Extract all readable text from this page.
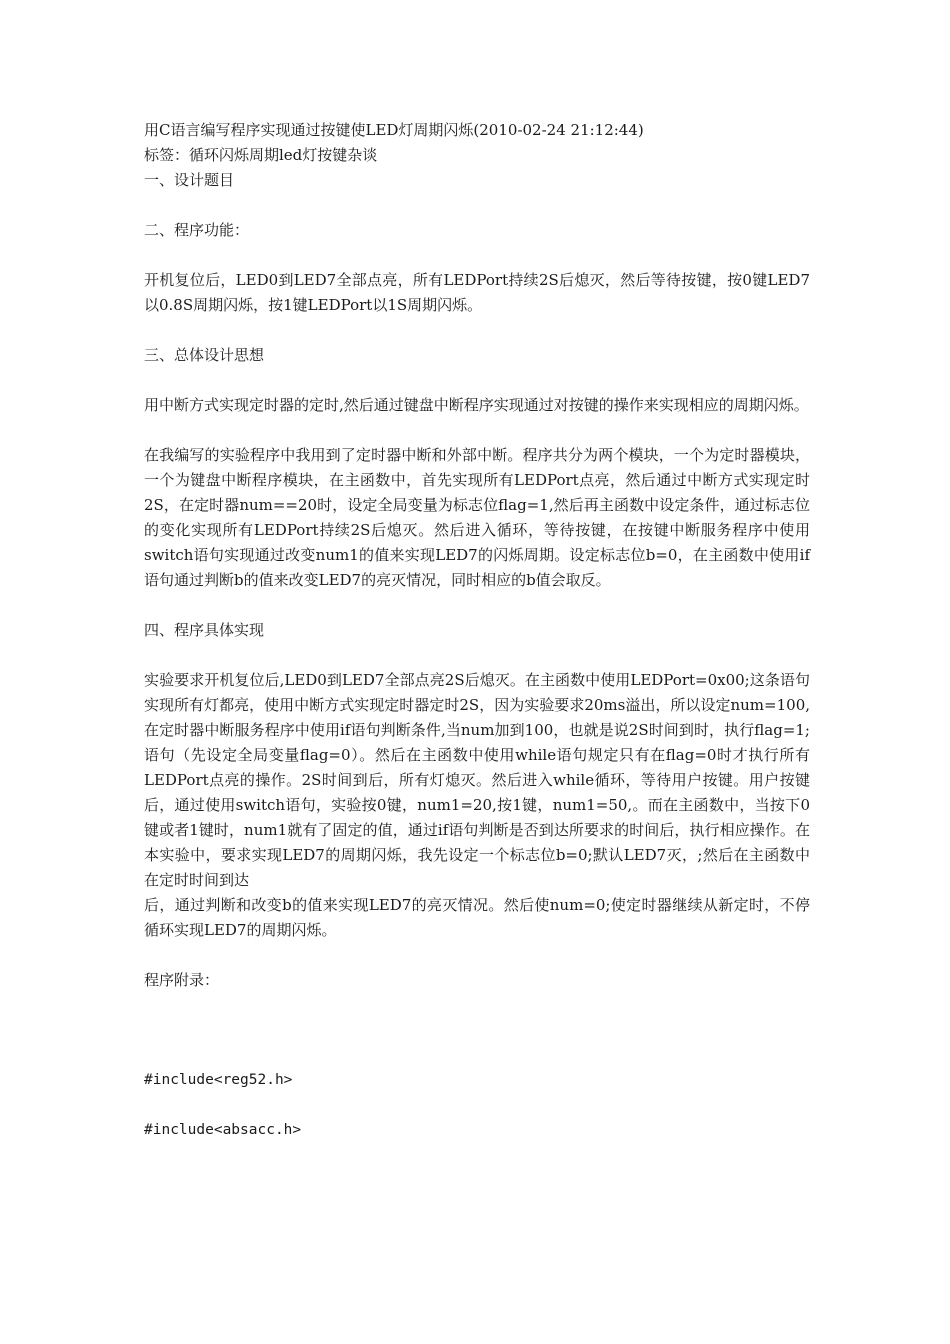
用C语言编写程序实现通过按键使LED灯周期闪烁(2010-02-24 21:12:44)

标签：循环闪烁周期led灯按键杂谈

一、设计题目

二、程序功能：

开机复位后，LED0到LED7全部点亮，所有LEDPort持续2S后熄灭，然后等待按键，按0键LED7以0.8S周期闪烁，按1键LEDPort以1S周期闪烁。

三、总体设计思想

用中断方式实现定时器的定时,然后通过键盘中断程序实现通过对按键的操作来实现相应的周期闪烁。

在我编写的实验程序中我用到了定时器中断和外部中断。程序共分为两个模块，一个为定时器模块，一个为键盘中断程序模块，在主函数中，首先实现所有LEDPort点亮，然后通过中断方式实现定时2S，在定时器num==20时，设定全局变量为标志位flag=1,然后再主函数中设定条件，通过标志位的变化实现所有LEDPort持续2S后熄灭。然后进入循环，等待按键，在按键中断服务程序中使用switch语句实现通过改变num1的值来实现LED7的闪烁周期。设定标志位b=0，在主函数中使用if语句通过判断b的值来改变LED7的亮灭情况，同时相应的b值会取反。

四、程序具体实现

实验要求开机复位后,LED0到LED7全部点亮2S后熄灭。在主函数中使用LEDPort=0x00;这条语句实现所有灯都亮，使用中断方式实现定时器定时2S，因为实验要求20ms溢出，所以设定num=100,在定时器中断服务程序中使用if语句判断条件,当num加到100，也就是说2S时间到时，执行flag=1;语句（先设定全局变量flag=0）。然后在主函数中使用while语句规定只有在flag=0时才执行所有LEDPort点亮的操作。2S时间到后，所有灯熄灭。然后进入while循环，等待用户按键。用户按键后，通过使用switch语句，实验按0键，num1=20,按1键，num1=50,。而在主函数中，当按下0键或者1键时，num1就有了固定的值，通过if语句判断是否到达所要求的时间后，执行相应操作。在本实验中，要求实现LED7的周期闪烁，我先设定一个标志位b=0;默认LED7灭，;然后在主函数中在定时时间到达

后，通过判断和改变b的值来实现LED7的亮灭情况。然后使num=0;使定时器继续从新定时，不停循环实现LED7的周期闪烁。

程序附录：

#include<reg52.h>

#include<absacc.h>
